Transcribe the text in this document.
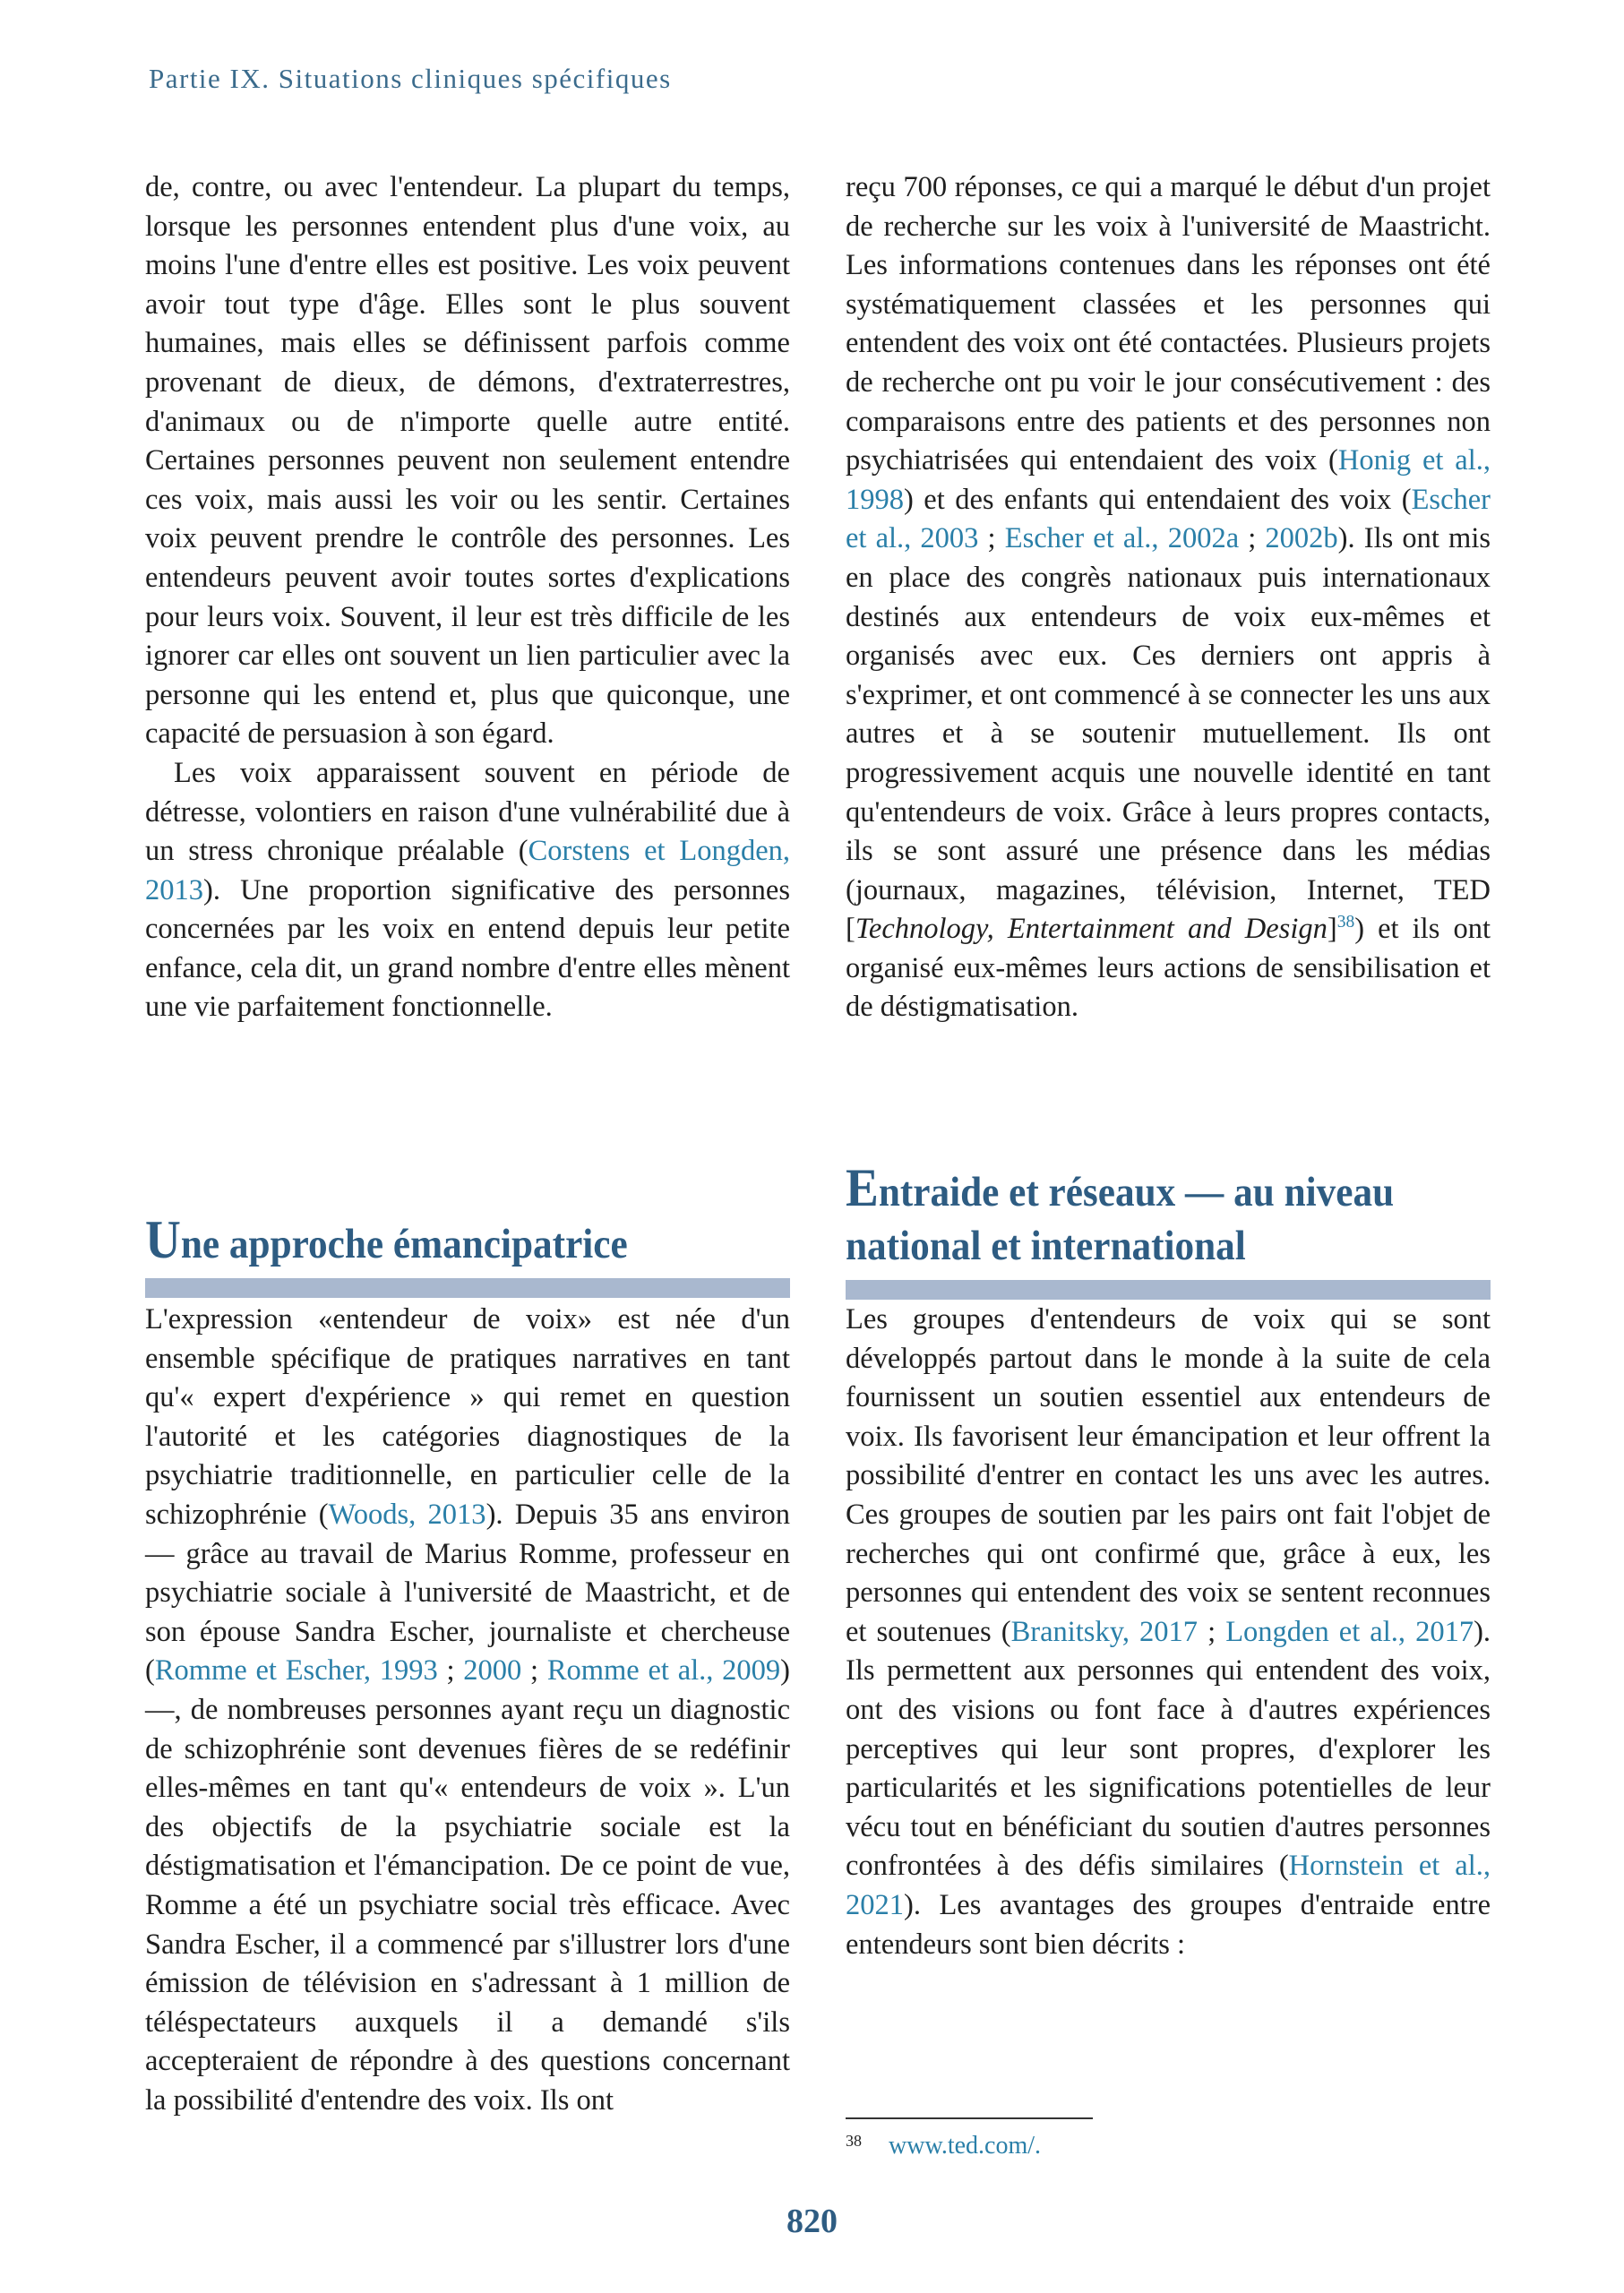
Partie IX. Situations cliniques spécifiques

de, contre, ou avec l'entendeur. La plupart du temps, lorsque les personnes entendent plus d'une voix, au moins l'une d'entre elles est positive. Les voix peuvent avoir tout type d'âge. Elles sont le plus souvent humaines, mais elles se définissent parfois comme provenant de dieux, de démons, d'extraterrestres, d'animaux ou de n'importe quelle autre entité. Certaines personnes peuvent non seulement entendre ces voix, mais aussi les voir ou les sentir. Certaines voix peuvent prendre le contrôle des personnes. Les entendeurs peuvent avoir toutes sortes d'explications pour leurs voix. Souvent, il leur est très difficile de les ignorer car elles ont souvent un lien particulier avec la personne qui les entend et, plus que quiconque, une capacité de persuasion à son égard.

Les voix apparaissent souvent en période de détresse, volontiers en raison d'une vulnérabilité due à un stress chronique préalable (Corstens et Longden, 2013). Une proportion significative des personnes concernées par les voix en entend depuis leur petite enfance, cela dit, un grand nombre d'entre elles mènent une vie parfaitement fonctionnelle.

Une approche émancipatrice

L'expression «entendeur de voix» est née d'un ensemble spécifique de pratiques narratives en tant qu'« expert d'expérience » qui remet en question l'autorité et les catégories diagnostiques de la psychiatrie traditionnelle, en particulier celle de la schizophrénie (Woods, 2013). Depuis 35 ans environ — grâce au travail de Marius Romme, professeur en psychiatrie sociale à l'université de Maastricht, et de son épouse Sandra Escher, journaliste et chercheuse (Romme et Escher, 1993 ; 2000 ; Romme et al., 2009) —, de nombreuses personnes ayant reçu un diagnostic de schizophrénie sont devenues fières de se redéfinir elles-mêmes en tant qu'« entendeurs de voix ». L'un des objectifs de la psychiatrie sociale est la déstigmatisation et l'émancipation. De ce point de vue, Romme a été un psychiatre social très efficace. Avec Sandra Escher, il a commencé par s'illustrer lors d'une émission de télévision en s'adressant à 1 million de téléspectateurs auxquels il a demandé s'ils accepteraient de répondre à des questions concernant la possibilité d'entendre des voix. Ils ont

reçu 700 réponses, ce qui a marqué le début d'un projet de recherche sur les voix à l'université de Maastricht. Les informations contenues dans les réponses ont été systématiquement classées et les personnes qui entendent des voix ont été contactées. Plusieurs projets de recherche ont pu voir le jour consécutivement : des comparaisons entre des patients et des personnes non psychiatrisées qui entendaient des voix (Honig et al., 1998) et des enfants qui entendaient des voix (Escher et al., 2003 ; Escher et al., 2002a ; 2002b). Ils ont mis en place des congrès nationaux puis internationaux destinés aux entendeurs de voix eux-mêmes et organisés avec eux. Ces derniers ont appris à s'exprimer, et ont commencé à se connecter les uns aux autres et à se soutenir mutuellement. Ils ont progressivement acquis une nouvelle identité en tant qu'entendeurs de voix. Grâce à leurs propres contacts, ils se sont assuré une présence dans les médias (journaux, magazines, télévision, Internet, TED [Technology, Entertainment and Design]$^{38}$) et ils ont organisé eux-mêmes leurs actions de sensibilisation et de déstigmatisation.

Entraide et réseaux — au niveau
national et international

Les groupes d'entendeurs de voix qui se sont développés partout dans le monde à la suite de cela fournissent un soutien essentiel aux entendeurs de voix. Ils favorisent leur émancipation et leur offrent la possibilité d'entrer en contact les uns avec les autres. Ces groupes de soutien par les pairs ont fait l'objet de recherches qui ont confirmé que, grâce à eux, les personnes qui entendent des voix se sentent reconnues et soutenues (Branitsky, 2017 ; Longden et al., 2017). Ils permettent aux personnes qui entendent des voix, ont des visions ou font face à d'autres expériences perceptives qui leur sont propres, d'explorer les particularités et les significations potentielles de leur vécu tout en bénéficiant du soutien d'autres personnes confrontées à des défis similaires (Hornstein et al., 2021). Les avantages des groupes d'entraide entre entendeurs sont bien décrits :

$^{38}$ www.ted.com/.
820
